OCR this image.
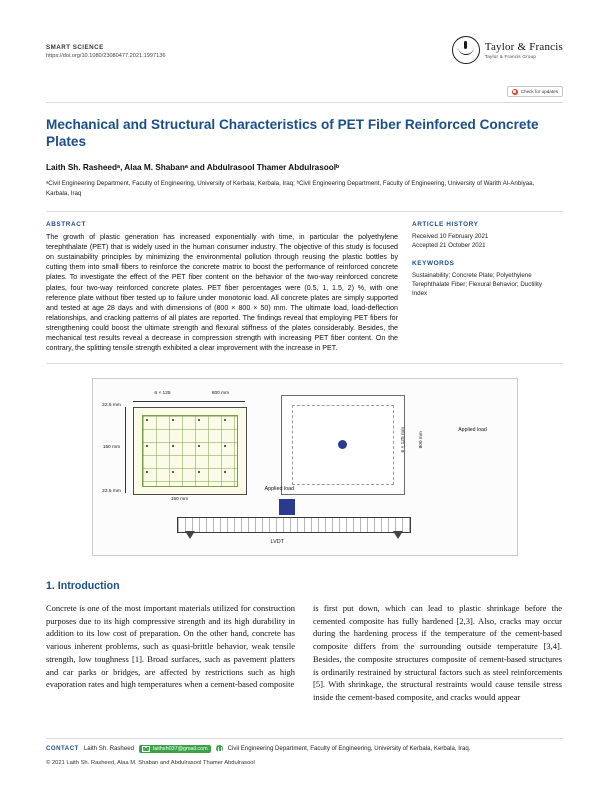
SMART SCIENCE
https://doi.org/10.1080/23080477.2021.1997136
Taylor & Francis
Taylor & Francis Group
Check for updates
Mechanical and Structural Characteristics of PET Fiber Reinforced Concrete Plates
Laith Sh. Rasheedᵃ, Alaa M. Shabanᵃ and Abdulrasool Thamer Abdulrasoolᵇ
ᵃCivil Engineering Department, Faculty of Engineering, University of Kerbala, Kerbala, Iraq; ᵇCivil Engineering Department, Faculty of Engineering, University of Warith Al-Anbiyaa, Karbala, Iraq
ABSTRACT
The growth of plastic generation has increased exponentially with time, in particular the polyethylene terephthalate (PET) that is widely used in the human consumer industry. The objective of this study is focused on sustainability principles by minimizing the environmental pollution through reusing the plastic bottles by cutting them into small fibers to reinforce the concrete matrix to boost the performance of reinforced concrete plates. To investigate the effect of the PET fiber content on the behavior of the two-way reinforced concrete plates, four two-way reinforced concrete plates. PET fiber percentages were (0.5, 1, 1.5, 2) %, with one reference plate without fiber tested up to failure under monotonic load. All concrete plates are simply supported and tested at age 28 days and with dimensions of (800 × 800 × 50) mm. The ultimate load, load-deflection relationships, and cracking patterns of all plates are reported. The findings reveal that employing PET fibers for strengthening could boost the ultimate strength and flexural stiffness of the plates considerably. Besides, the mechanical test results reveal a decrease in compression strength with increasing PET fiber content. On the contrary, the splitting tensile strength exhibited a clear improvement with the increase in PET.
ARTICLE HISTORY
Received 10 February 2021
Accepted 21 October 2021
KEYWORDS
Sustainability; Concrete Plate; Polyethylene Terephthalate Fiber; Flexural Behavior; Ductility Index
6 × 125	800 mm
22.5 mm
150 mm
22.5 mm
150 mm
800 mm
6 × 125 mm	Applied load
Applied load
LVDT
1. Introduction

Concrete is one of the most important materials utilized for construction purposes due to its high compressive strength and its high durability in addition to its low cost of preparation. On the other hand, concrete has various inherent problems, such as quasi-brittle behavior, weak tensile strength, low toughness [1]. Broad surfaces, such as pavement platters and car parks or bridges, are affected by restrictions such as high evaporation rates and high temperatures when a cement-based composite

is first put down, which can lead to plastic shrinkage before the cemented composite has fully hardened [2,3]. Also, cracks may occur during the hardening process if the temperature of the cement-based composite differs from the surrounding outside temperature [3,4]. Besides, the composite structures composite of cement-based structures is ordinarily restrained by structural factors such as steel reinforcements [5]. With shrinkage, the structural restraints would cause tensile stress inside the cement-based composite, and cracks would appear

CONTACT Laith Sh. Rasheed	laithsh037@gmail.com	Civil Engineering Department, Faculty of Engineering, University of Kerbala, Kerbala, Iraq.
© 2021 Laith Sh. Rasheed, Alaa M. Shaban and Abdulrasool Thamer Abdulrasool
